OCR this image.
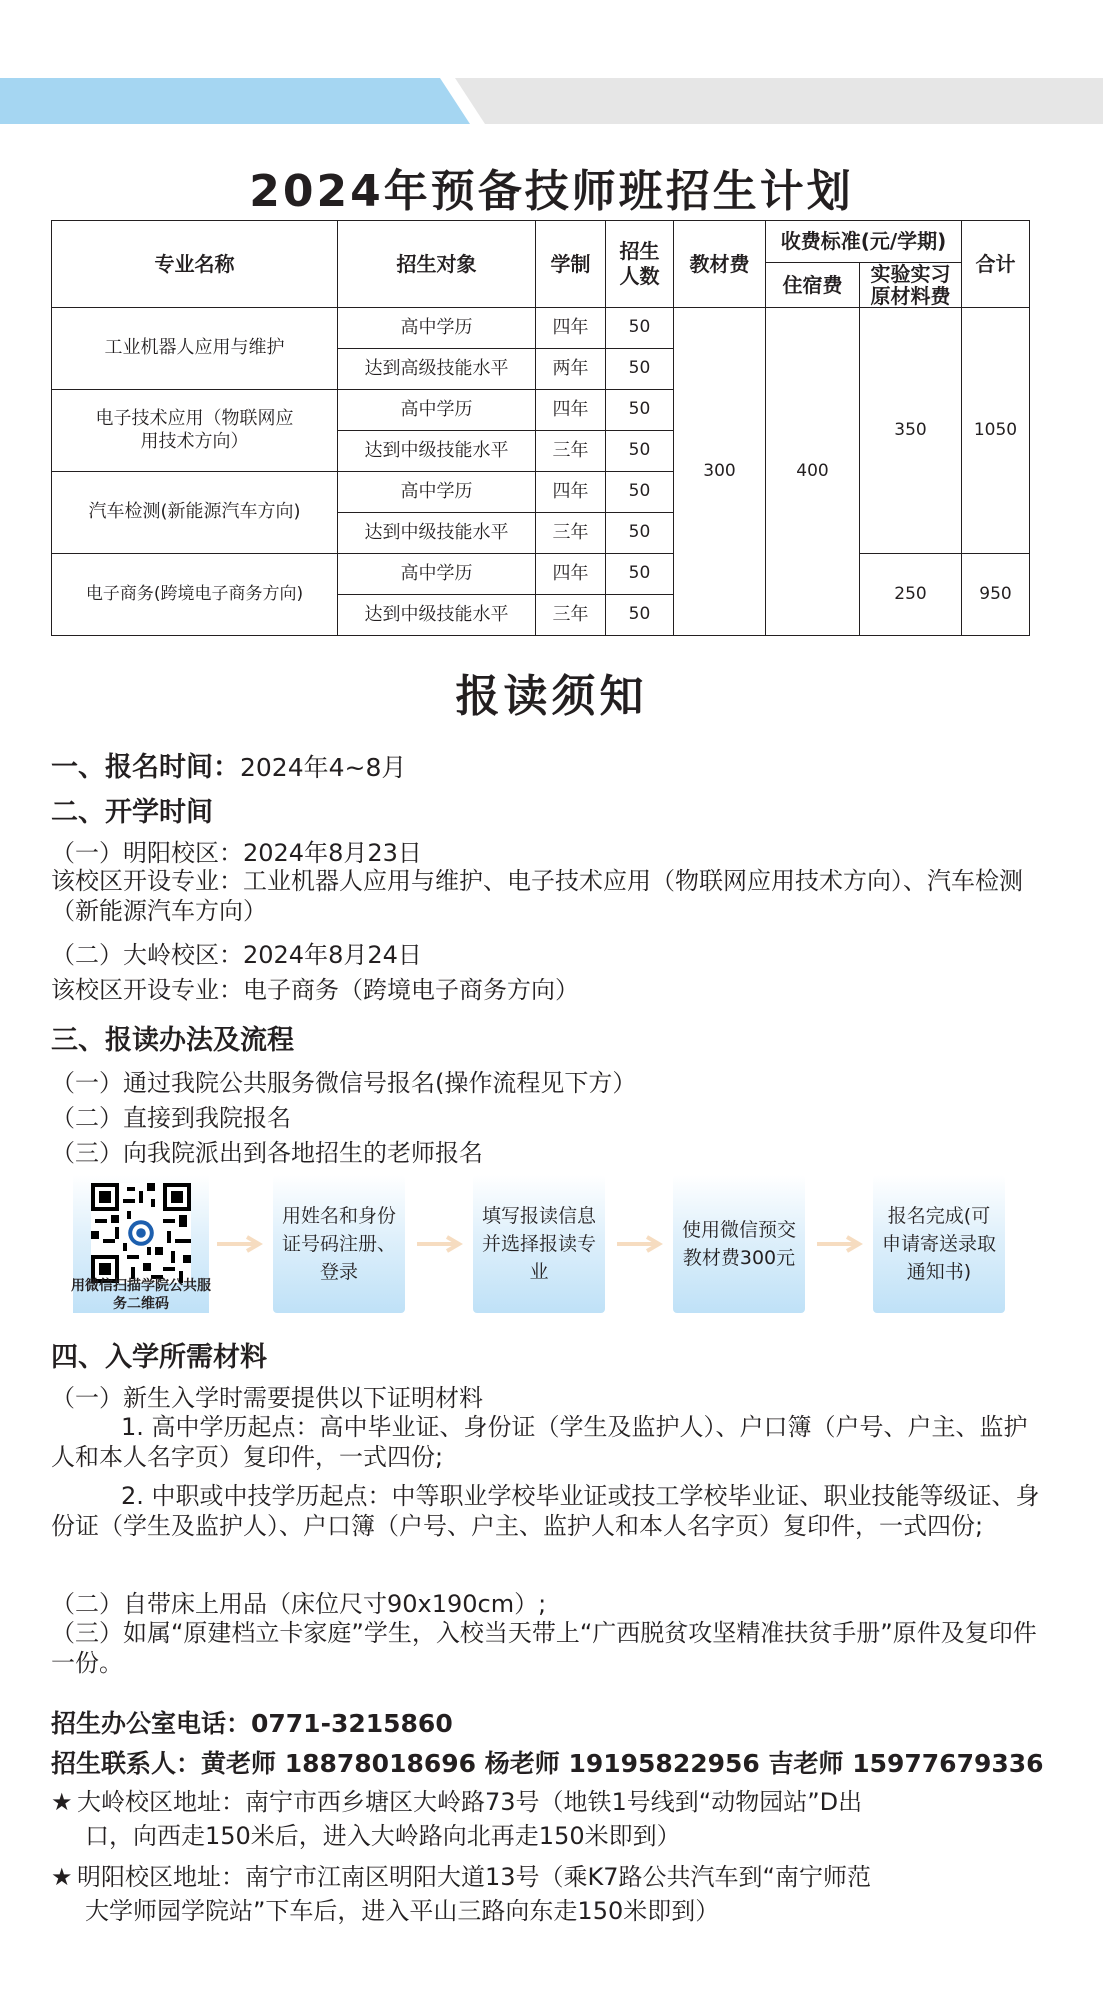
2024年预备技师班招生计划
专业名称	招生对象	学制	招生人数	教材费	收费标准(元/学期)		合计
					住宿费	实验实习原材料费	
工业机器人应用与维护	高中学历	四年	50	300	400	350	1050
	达到高级技能水平	两年	50				
电子技术应用（物联网应用技术方向）	高中学历	四年	50				
	达到中级技能水平	三年	50				
汽车检测(新能源汽车方向)	高中学历	四年	50				
	达到中级技能水平	三年	50				
电子商务(跨境电子商务方向)	高中学历	四年	50			250	950
	达到中级技能水平	三年	50				
报读须知
一、报名时间：2024年4~8月
二、开学时间
（一）明阳校区：2024年8月23日
该校区开设专业：工业机器人应用与维护、电子技术应用（物联网应用技术方向）、汽车检测（新能源汽车方向）
（二）大岭校区：2024年8月24日
该校区开设专业：电子商务（跨境电子商务方向）
三、报读办法及流程
（一）通过我院公共服务微信号报名(操作流程见下方）
（二）直接到我院报名
（三）向我院派出到各地招生的老师报名
用微信扫描学院公共服务二维码
用姓名和身份证号码注册、登录
填写报读信息并选择报读专业
使用微信预交教材费300元
报名完成(可申请寄送录取通知书)
四、入学所需材料
（一）新生入学时需要提供以下证明材料
1. 高中学历起点：高中毕业证、身份证（学生及监护人）、户口簿（户号、户主、监护人和本人名字页）复印件，一式四份;
2. 中职或中技学历起点：中等职业学校毕业证或技工学校毕业证、职业技能等级证、身份证（学生及监护人）、户口簿（户号、户主、监护人和本人名字页）复印件，一式四份;
（二）自带床上用品（床位尺寸90x190cm）;
（三）如属“原建档立卡家庭”学生，入校当天带上“广西脱贫攻坚精准扶贫手册”原件及复印件一份。
招生办公室电话：0771-3215860
招生联系人：黄老师 18878018696 杨老师 19195822956 吉老师 15977679336
★ 大岭校区地址：南宁市西乡塘区大岭路73号（地铁1号线到“动物园站”D出
口，向西走150米后，进入大岭路向北再走150米即到）
★ 明阳校区地址：南宁市江南区明阳大道13号（乘K7路公共汽车到“南宁师范
大学师园学院站”下车后，进入平山三路向东走150米即到）
